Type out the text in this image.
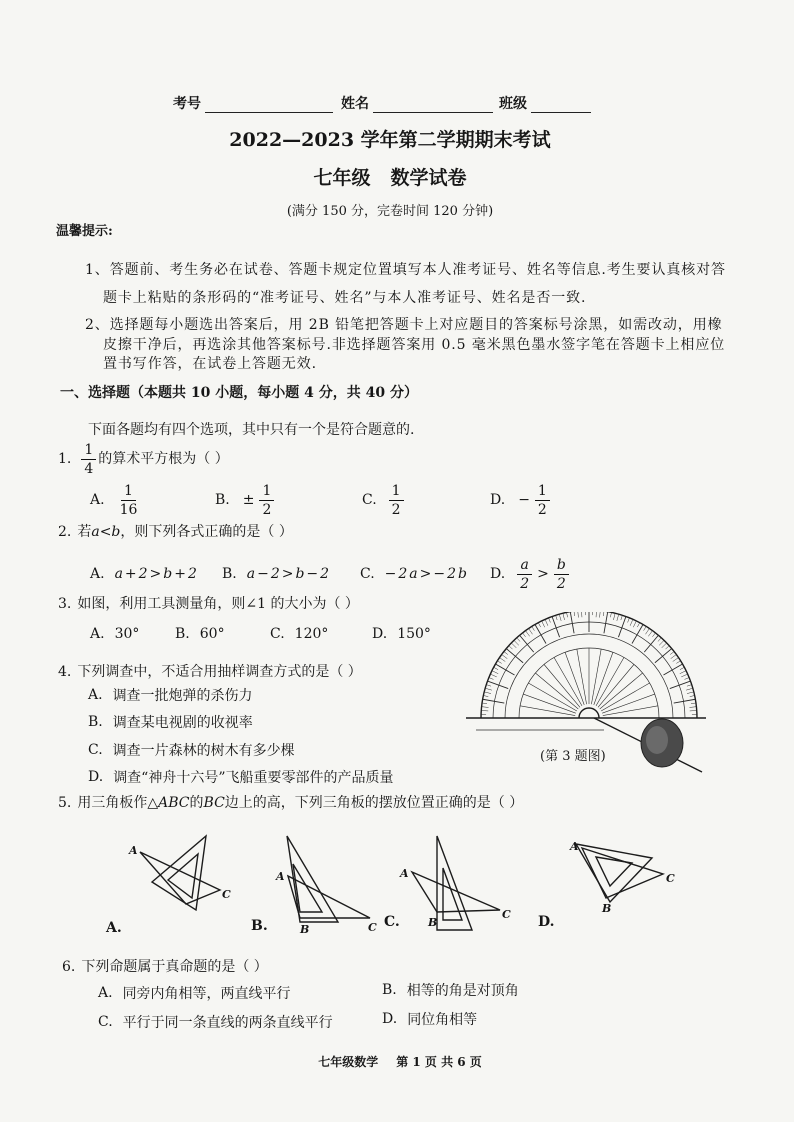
考号	姓名	班级
2022—2023 学年第二学期期末考试
七年级 数学试卷
(满分 150 分，完卷时间 120 分钟)
温馨提示:
1、答题前、考生务必在试卷、答题卡规定位置填写本人准考证号、姓名等信息.考生要认真核对答
题卡上粘贴的条形码的“准考证号、姓名”与本人准考证号、姓名是否一致.
2、选择题每小题选出答案后，用 2B 铅笔把答题卡上对应题目的答案标号涂黑，如需改动，用橡
皮擦干净后，再选涂其他答案标号.非选择题答案用 0.5 毫米黑色墨水签字笔在答题卡上相应位
置书写作答，在试卷上答题无效.
一、选择题（本题共 10 小题，每小题 4 分，共 40 分）
下面各题均有四个选项，其中只有一个是符合题意的.
1. $\frac{1}{4}$ 的算术平方根为（ ）
A. $\frac{1}{16}$	B. ± $\frac{1}{2}$	C. $\frac{1}{2}$	D. − $\frac{1}{2}$
2. 若 a<b ，则下列各式正确的是（ ）
A. a+2>b+2 B. a−2>b−2 C. −2a>−2b D. $\frac{a}{2} > \frac{b}{2}$
3. 如图，利用工具测量角，则∠1 的大小为（ ）
A. 30°	B. 60°	C. 120°	D. 150°
(第 3 题图)
4. 下列调查中，不适合用抽样调查方式的是（ ）
A. 调查一批炮弹的杀伤力
B. 调查某电视剧的收视率
C. 调查一片森林的树木有多少棵
D. 调查“神舟十六号”飞船重要零部件的产品质量
5. 用三角板作△ ABC 的 BC 边上的高，下列三角板的摆放位置正确的是（ ）
A
C
A
B	C
A
B
C
A
B
C
A.	B.	C.	D.
6. 下列命题属于真命题的是（ ）
A. 同旁内角相等，两直线平行	B. 相等的角是对顶角
C. 平行于同一条直线的两条直线平行	D. 同位角相等
七年级数学 第 1 页 共 6 页
